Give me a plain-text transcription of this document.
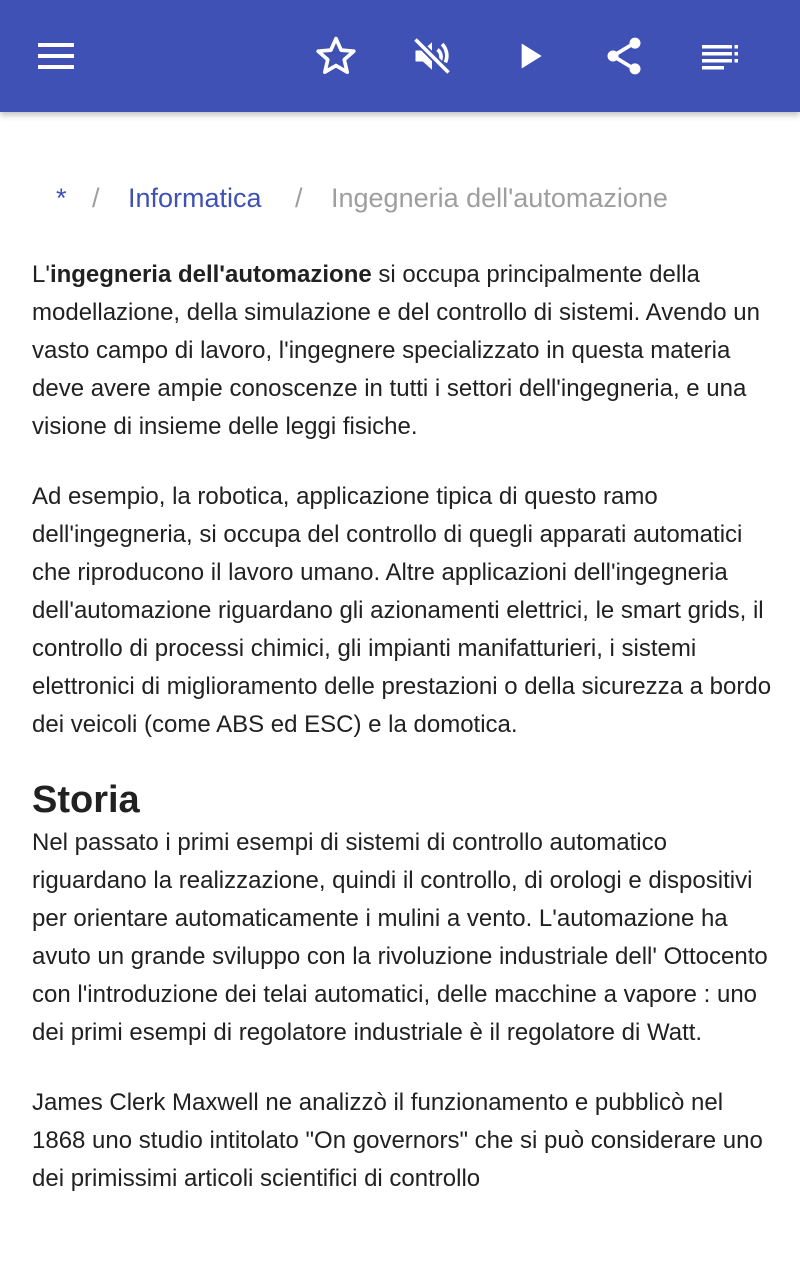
* / Informatica / Ingegneria dell'automazione

L'ingegneria dell'automazione si occupa principalmente della modellazione, della simulazione e del controllo di sistemi. Avendo un vasto campo di lavoro, l'ingegnere specializzato in questa materia deve avere ampie conoscenze in tutti i settori dell'ingegneria, e una visione di insieme delle leggi fisiche.

Ad esempio, la robotica, applicazione tipica di questo ramo dell'ingegneria, si occupa del controllo di quegli apparati automatici che riproducono il lavoro umano. Altre applicazioni dell'ingegneria dell'automazione riguardano gli azionamenti elettrici, le smart grids, il controllo di processi chimici, gli impianti manifatturieri, i sistemi elettronici di miglioramento delle prestazioni o della sicurezza a bordo dei veicoli (come ABS ed ESC) e la domotica.

Storia

Nel passato i primi esempi di sistemi di controllo automatico riguardano la realizzazione, quindi il controllo, di orologi e dispositivi per orientare automaticamente i mulini a vento. L'automazione ha avuto un grande sviluppo con la rivoluzione industriale dell' Ottocento con l'introduzione dei telai automatici, delle macchine a vapore : uno dei primi esempi di regolatore industriale è il regolatore di Watt.

James Clerk Maxwell ne analizzò il funzionamento e pubblicò nel 1868 uno studio intitolato "On governors" che si può considerare uno dei primissimi articoli scientifici di controllo
